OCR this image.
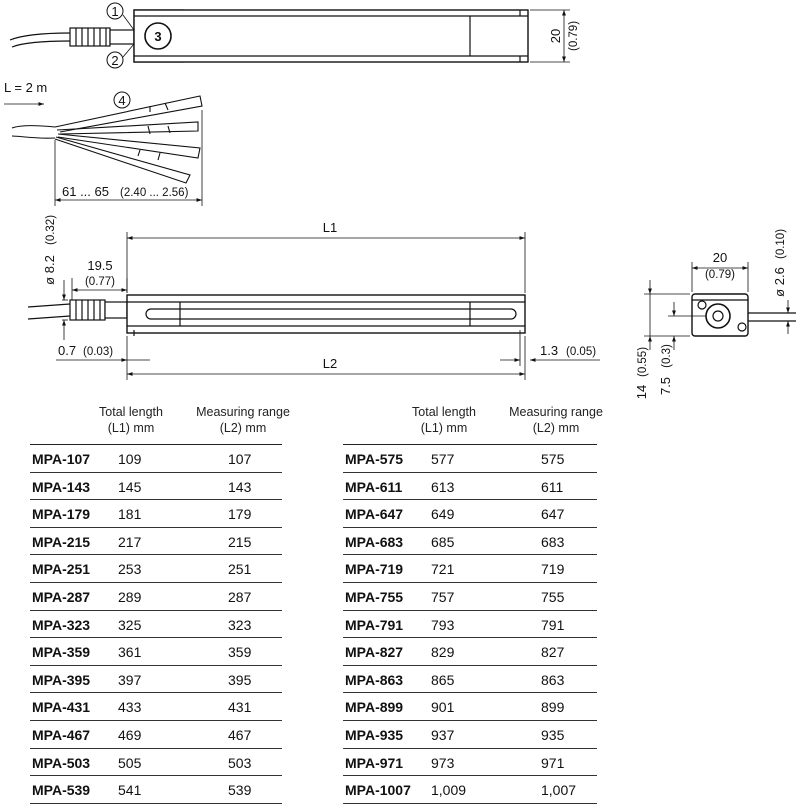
3
1
2
20 (0.79)
L = 2 m
4
61 ... 65 (2.40 ... 2.56)
L1
L2
ø 8.2
(0.32)
19.5
(0.77)
0.7 (0.03)	1.3 (0.05)
20
(0.79)	ø 2.6
(0.10)
14
(0.55)
7.5
(0.3)
Total length
(L1) mm
Measuring range
(L2) mm
MPA-107 109	107
MPA-143 145	143
MPA-179 181	179
MPA-215 217	215
MPA-251 253	251
MPA-287 289	287
MPA-323 325	323
MPA-359 361	359
MPA-395 397	395
MPA-431 433	431
MPA-467 469	467
MPA-503 505	503
MPA-539 541	539
Total length
(L1) mm
Measuring range
(L2) mm
MPA-575 577	575
MPA-611 613	611
MPA-647 649	647
MPA-683 685	683
MPA-719 721	719
MPA-755 757	755
MPA-791 793	791
MPA-827 829	827
MPA-863 865	863
MPA-899 901	899
MPA-935 937	935
MPA-971 973	971
MPA-1007 1,009	1,007
